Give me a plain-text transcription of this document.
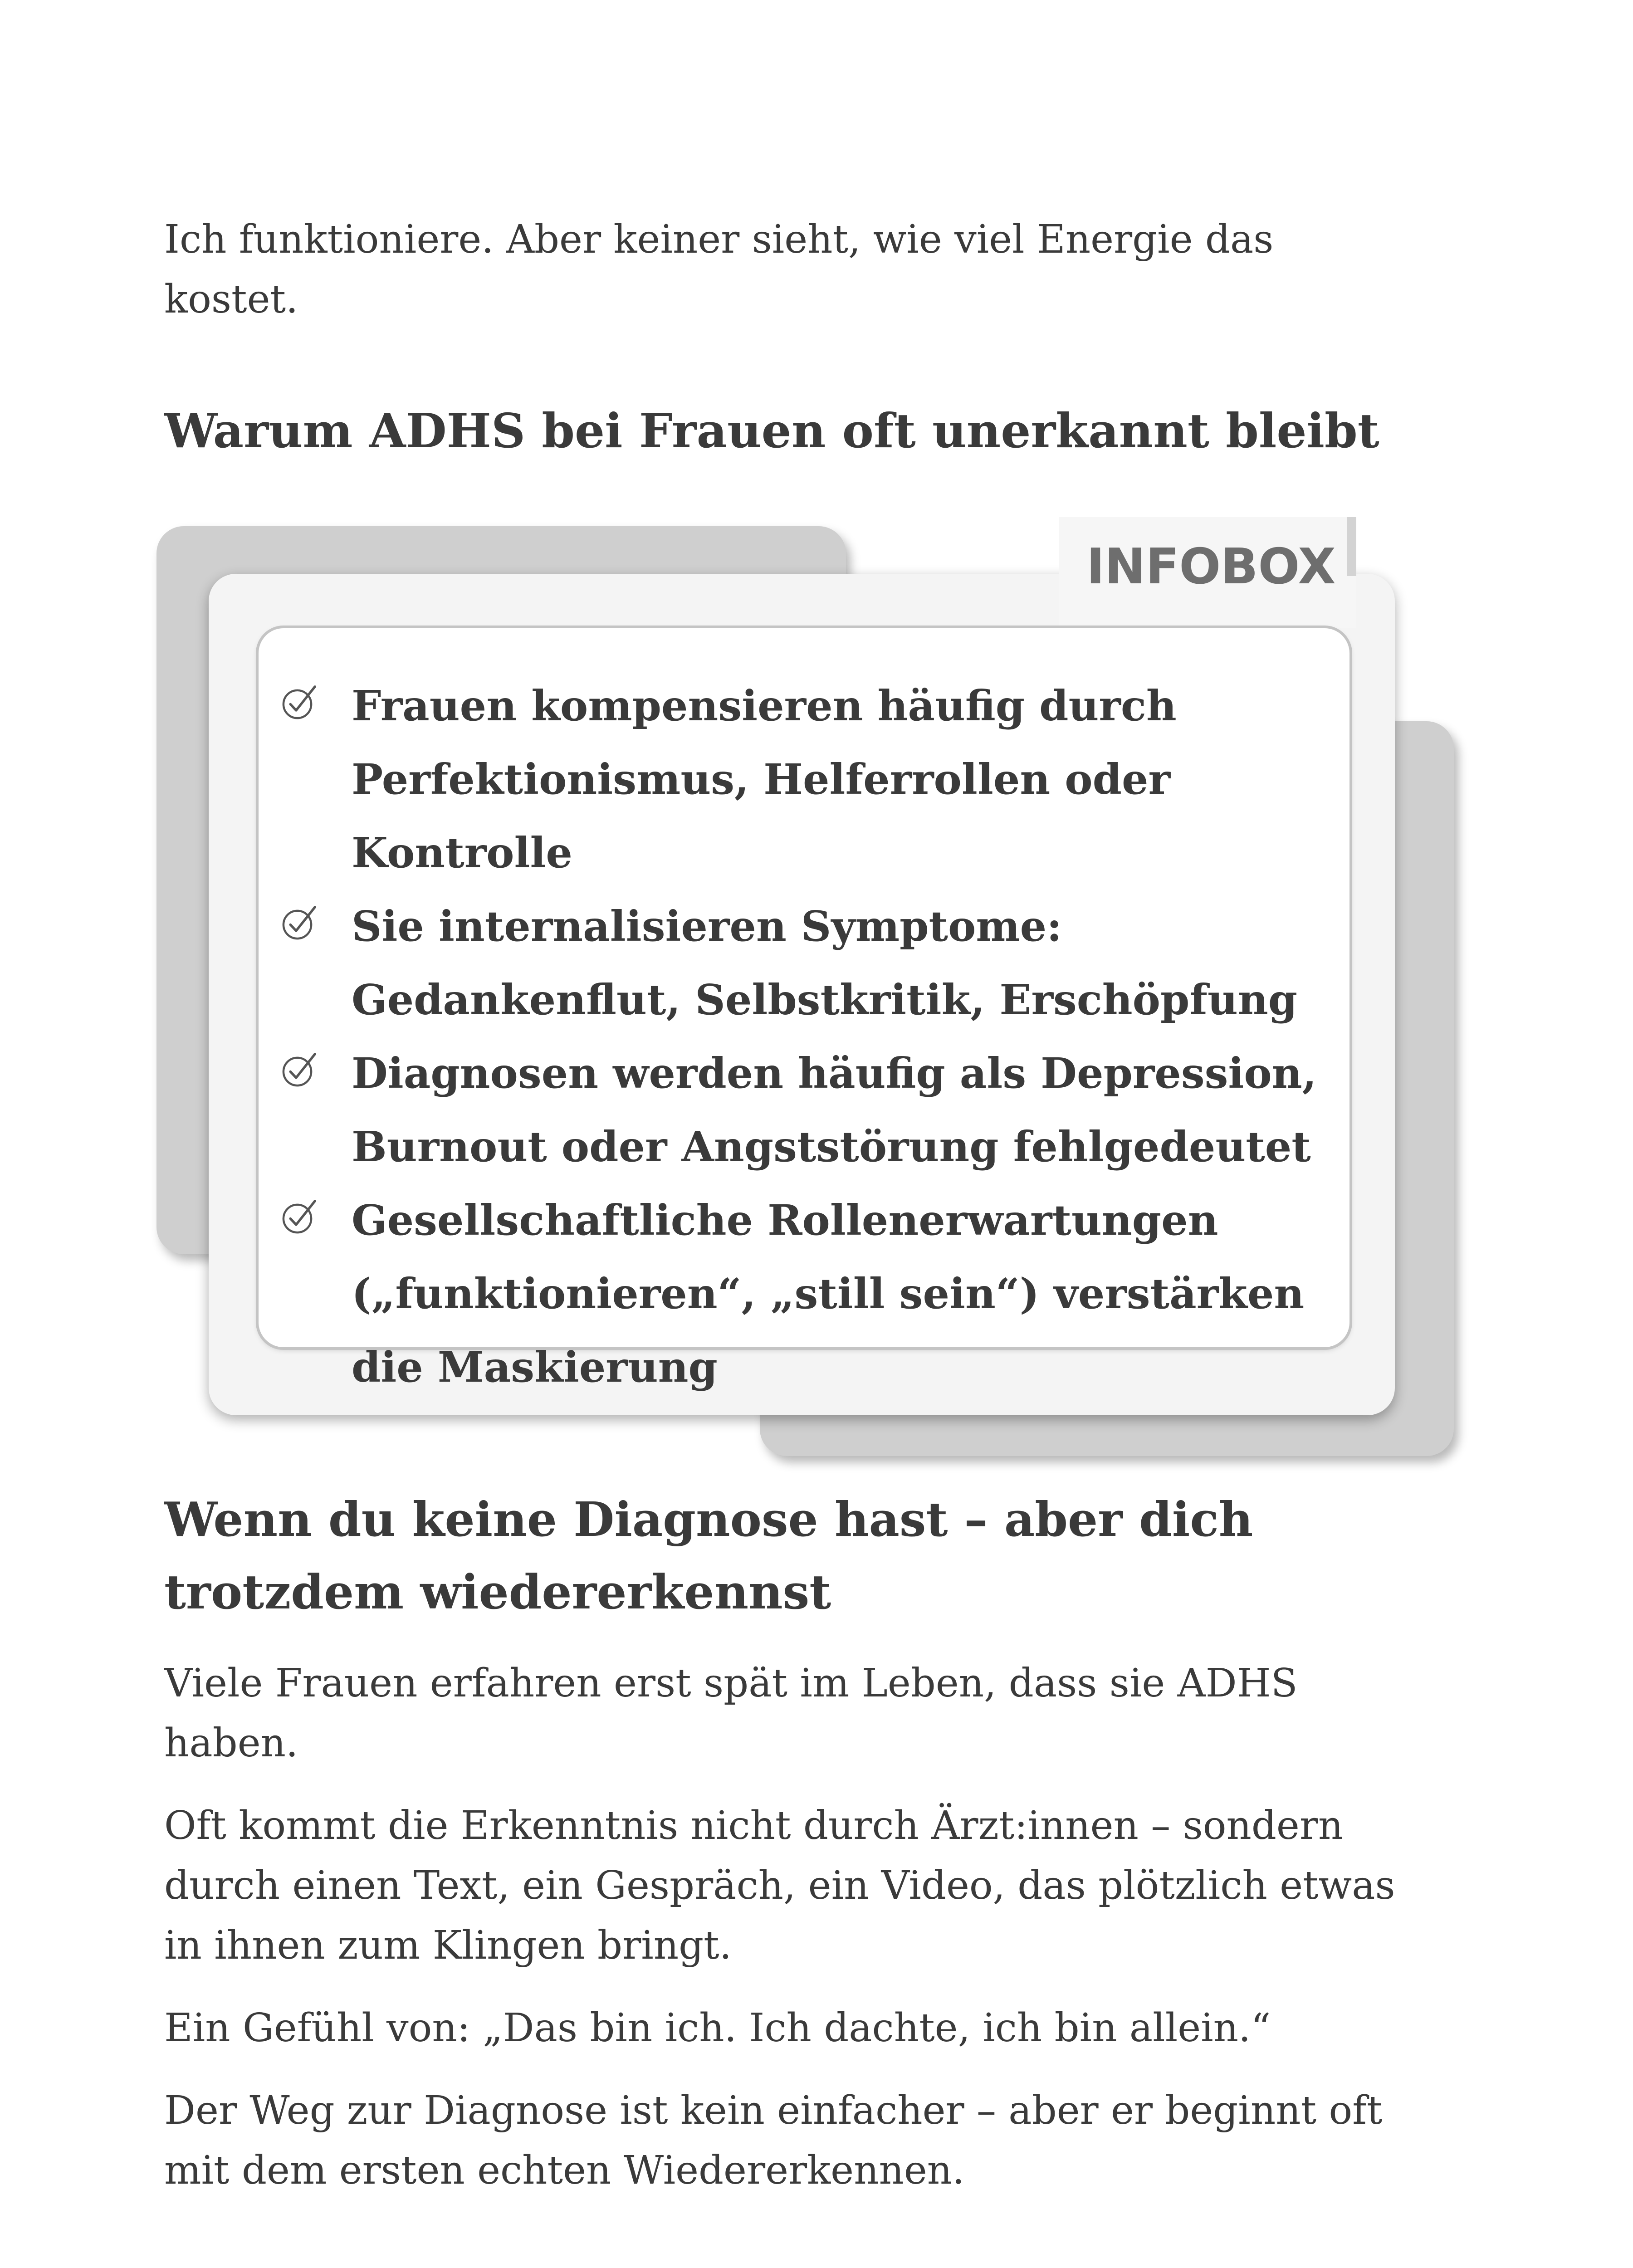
Ich funktioniere. Aber keiner sieht, wie viel Energie das kostet.

Warum ADHS bei Frauen oft unerkannt bleibt
INFOBOX
Frauen kompensieren häufig durch Perfektionismus, Helferrollen oder Kontrolle
Sie internalisieren Symptome: Gedankenflut, Selbstkritik, Erschöpfung
Diagnosen werden häufig als Depression, Burnout oder Angststörung fehlgedeutet
Gesellschaftliche Rollenerwartungen („funktionieren“, „still sein“) verstärken die Maskierung
Wenn du keine Diagnose hast – aber dich trotzdem wiedererkennst

Viele Frauen erfahren erst spät im Leben, dass sie ADHS haben.

Oft kommt die Erkenntnis nicht durch Ärzt:innen – sondern durch einen Text, ein Gespräch, ein Video, das plötzlich etwas in ihnen zum Klingen bringt.

Ein Gefühl von: „Das bin ich. Ich dachte, ich bin allein.“

Der Weg zur Diagnose ist kein einfacher – aber er beginnt oft mit dem ersten echten Wiedererkennen.
